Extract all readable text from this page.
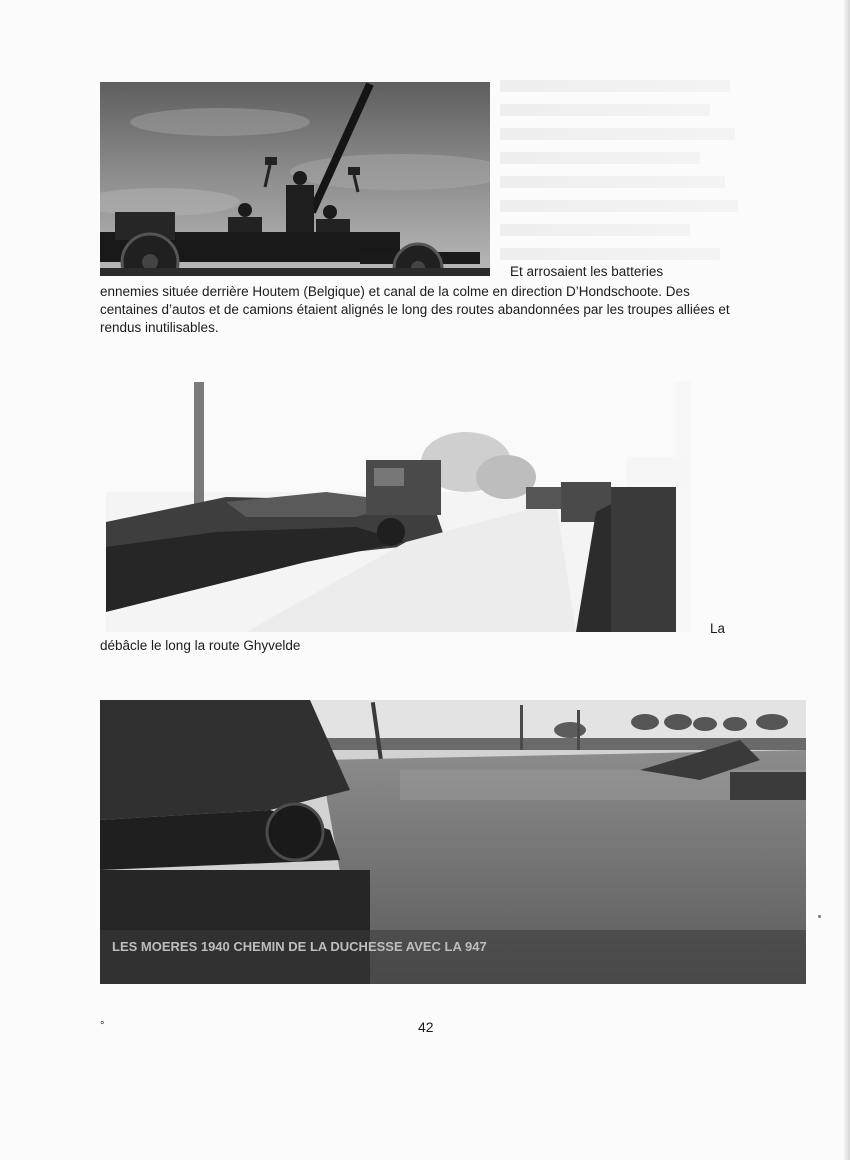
Et arrosaient les batteries
ennemies située derrière Houtem (Belgique) et canal de la colme en direction D’Hondschoote. Des centaines d’autos et de camions étaient alignés le long des routes abandonnées par les troupes alliées et rendus inutilisables.
La
débâcle le long la route Ghyvelde
LES MOERES 1940 CHEMIN DE LA DUCHESSE AVEC LA 947
°	42
